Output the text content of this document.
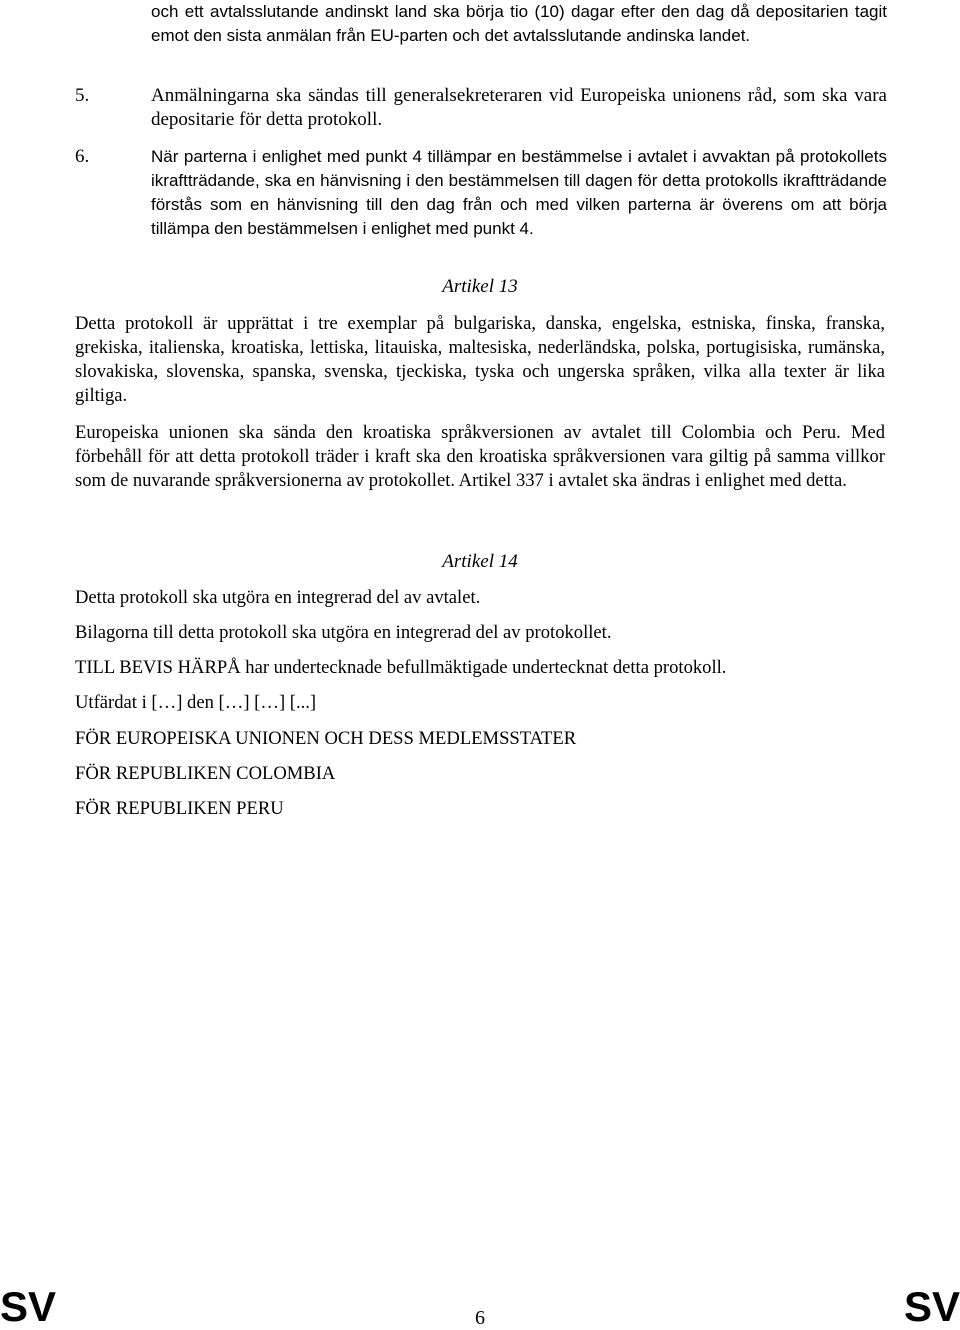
och ett avtalsslutande andinskt land ska börja tio (10) dagar efter den dag då depositarien tagit emot den sista anmälan från EU-parten och det avtalsslutande andinska landet.
5.	Anmälningarna ska sändas till generalsekreteraren vid Europeiska unionens råd, som ska vara depositarie för detta protokoll.
6.	När parterna i enlighet med punkt 4 tillämpar en bestämmelse i avtalet i avvaktan på protokollets ikraftträdande, ska en hänvisning i den bestämmelsen till dagen för detta protokolls ikraftträdande förstås som en hänvisning till den dag från och med vilken parterna är överens om att börja tillämpa den bestämmelsen i enlighet med punkt 4.
Artikel 13
Detta protokoll är upprättat i tre exemplar på bulgariska, danska, engelska, estniska, finska, franska, grekiska, italienska, kroatiska, lettiska, litauiska, maltesiska, nederländska, polska, portugisiska, rumänska, slovakiska, slovenska, spanska, svenska, tjeckiska, tyska och ungerska språken, vilka alla texter är lika giltiga.
Europeiska unionen ska sända den kroatiska språkversionen av avtalet till Colombia och Peru. Med förbehåll för att detta protokoll träder i kraft ska den kroatiska språkversionen vara giltig på samma villkor som de nuvarande språkversionerna av protokollet. Artikel 337 i avtalet ska ändras i enlighet med detta.
Artikel 14
Detta protokoll ska utgöra en integrerad del av avtalet.
Bilagorna till detta protokoll ska utgöra en integrerad del av protokollet.
TILL BEVIS HÄRPÅ har undertecknade befullmäktigade undertecknat detta protokoll.
Utfärdat i […] den […] […] [...]
FÖR EUROPEISKA UNIONEN OCH DESS MEDLEMSSTATER
FÖR REPUBLIKEN COLOMBIA
FÖR REPUBLIKEN PERU
SV	6	SV
